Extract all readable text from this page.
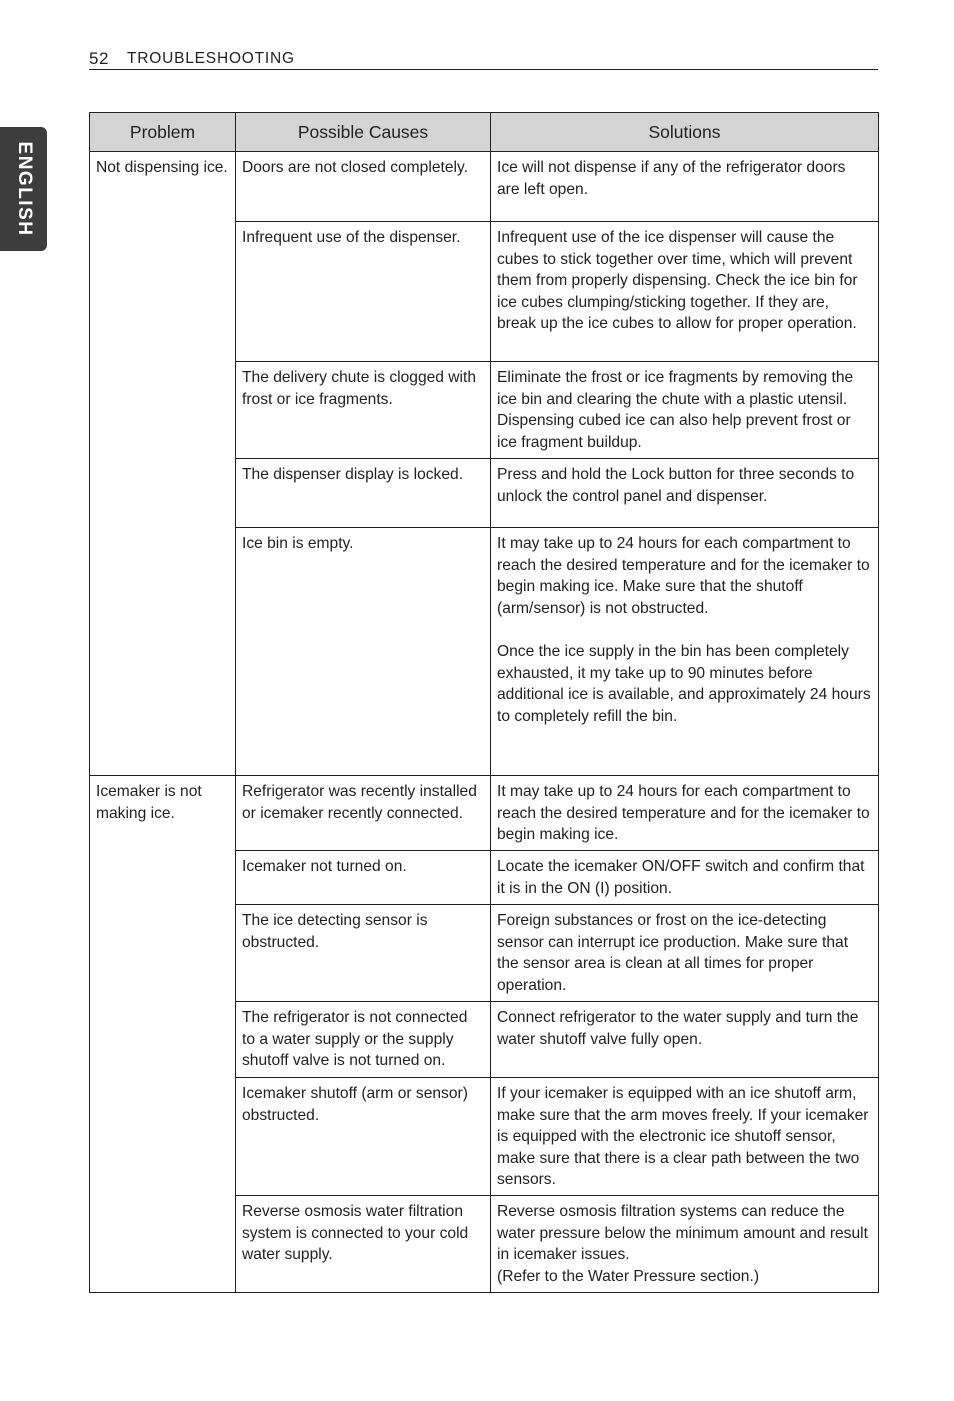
52 TROUBLESHOOTING
ENGLISH
Problem	Possible Causes	Solutions
Not dispensing ice.	Doors are not closed completely.	Ice will not dispense if any of the refrigerator doors are left open.

	Infrequent use of the dispenser.	Infrequent use of the ice dispenser will cause the cubes to stick together over time, which will prevent them from properly dispensing. Check the ice bin for ice cubes clumping/sticking together. If they are, break up the ice cubes to allow for proper operation.

	The delivery chute is clogged with frost or ice fragments.	Eliminate the frost or ice fragments by removing the ice bin and clearing the chute with a plastic utensil. Dispensing cubed ice can also help prevent frost or ice fragment buildup.

	The dispenser display is locked.	Press and hold the Lock button for three seconds to unlock the control panel and dispenser.

	Ice bin is empty.	It may take up to 24 hours for each compartment to reach the desired temperature and for the icemaker to begin making ice. Make sure that the shutoff
(arm/sensor) is not obstructed.
Once the ice supply in the bin has been completely exhausted, it my take up to 90 minutes before additional ice is available, and approximately 24 hours to completely refill the bin.

Icemaker is not making ice.	Refrigerator was recently installed or icemaker recently connected.	It may take up to 24 hours for each compartment to reach the desired temperature and for the icemaker to begin making ice.

	Icemaker not turned on.	Locate the icemaker ON/OFF switch and confirm that it is in the ON (I) position.

	The ice detecting sensor is obstructed.	Foreign substances or frost on the ice-detecting sensor can interrupt ice production. Make sure that the sensor area is clean at all times for proper operation.

	The refrigerator is not connected to a water supply or the supply shutoff valve is not turned on.	Connect refrigerator to the water supply and turn the water shutoff valve fully open.

	Icemaker shutoff (arm or sensor) obstructed.	If your icemaker is equipped with an ice shutoff arm, make sure that the arm moves freely. If your icemaker is equipped with the electronic ice shutoff sensor, make sure that there is a clear path between the two sensors.

	Reverse osmosis water filtration system is connected to your cold water supply.	Reverse osmosis filtration systems can reduce the water pressure below the minimum amount and result in icemaker issues.
(Refer to the Water Pressure section.)
